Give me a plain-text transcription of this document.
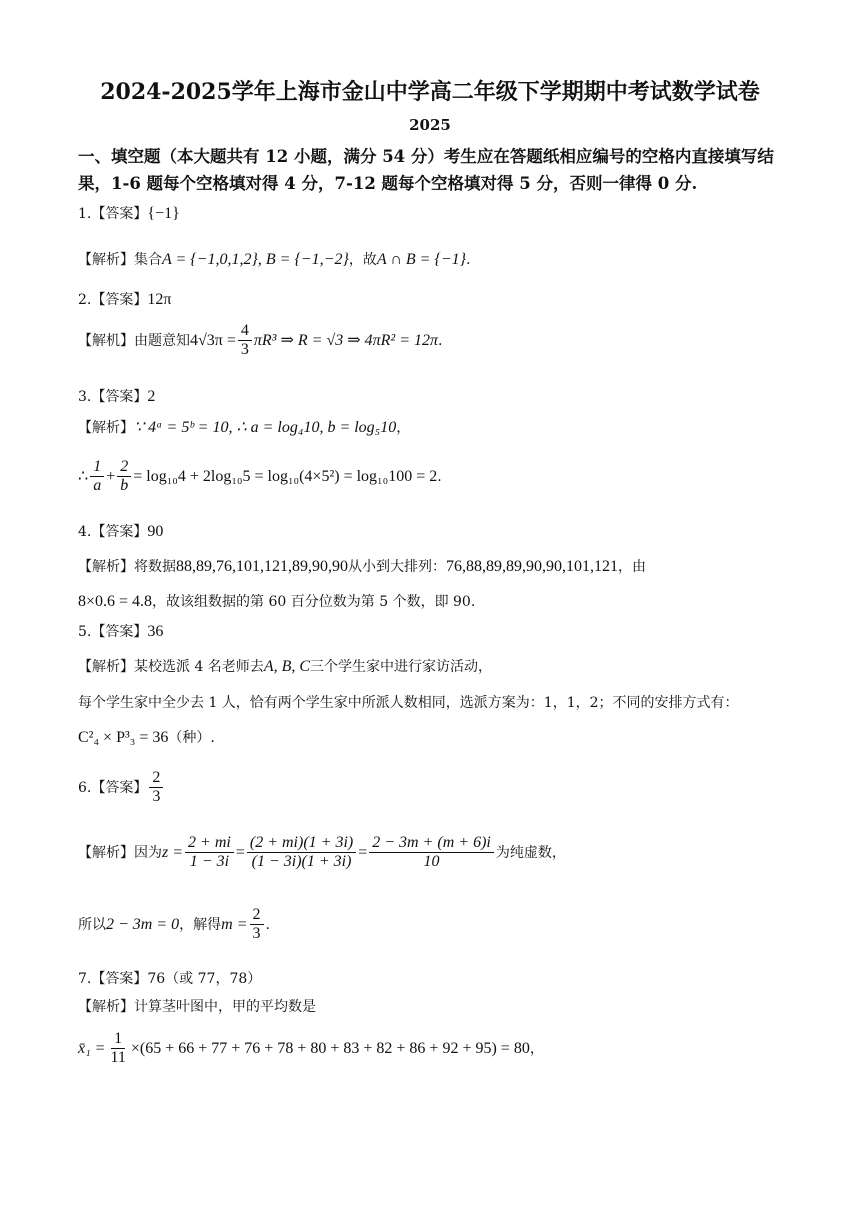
2024-2025学年上海市金山中学高二年级下学期期中考试数学试卷
2025
一、填空题（本大题共有 12 小题，满分 54 分）考生应在答题纸相应编号的空格内直接填写结
果，1-6 题每个空格填对得 4 分，7-12 题每个空格填对得 5 分，否则一律得 0 分.
1.【答案】{−1}
【解析】集合A = {−1,0,1,2}, B = {−1,−2}，故A ∩ B = {−1}.
2.【答案】12π
【解机】由题意知$4√3\pi = \frac{4}{3} \pi R^3$ ⇒ R = √3 ⇒ 4πR² = 12π.
3.【答案】2
【解析】∵ 4ᵃ = 5ᵇ = 10, ∴ a = log₄10, b = log₅10，
∴ $\frac{1}{a} + \frac{2}{b} = \log_{10}4 + 2\log_{10}5 = \log_{10}(4\times 5^2) = \log_{10}100 = 2$.
4.【答案】90
【解析】将数据88,89,76,101,121,89,90,90从小到大排列：76,88,89,89,90,90,101,121，由
8×0.6 = 4.8，故该组数据的第 60 百分位数为第 5 个数，即 90.
5.【答案】36
【解析】某校选派 4 名老师去A, B, C三个学生家中进行家访活动，
每个学生家中全少去 1 人，恰有两个学生家中所派人数相同，选派方案为：1，1，2；不同的安排方式有：
C²₄ × P³₃ = 36（种）.
6.【答案】 $\frac{2}{3}$
【解析】因为$z = \frac{2 + mi}{1 - 3i} = \frac{(2 + mi)(1 + 3i)}{(1 - 3i)(1 + 3i)} = \frac{2 - 3m + (m + 6)i}{10}$ 为纯虚数，
所以2 − 3m = 0，解得$m = \frac{2}{3}$ .
7.【答案】76（或 77，78）
【解析】计算茎叶图中，甲的平均数是
x̄₁ = $\frac{1}{11} \times(65 + 66 + 77 + 76 + 78 + 80 + 83 + 82 + 86 + 92 + 95) = 80$，
